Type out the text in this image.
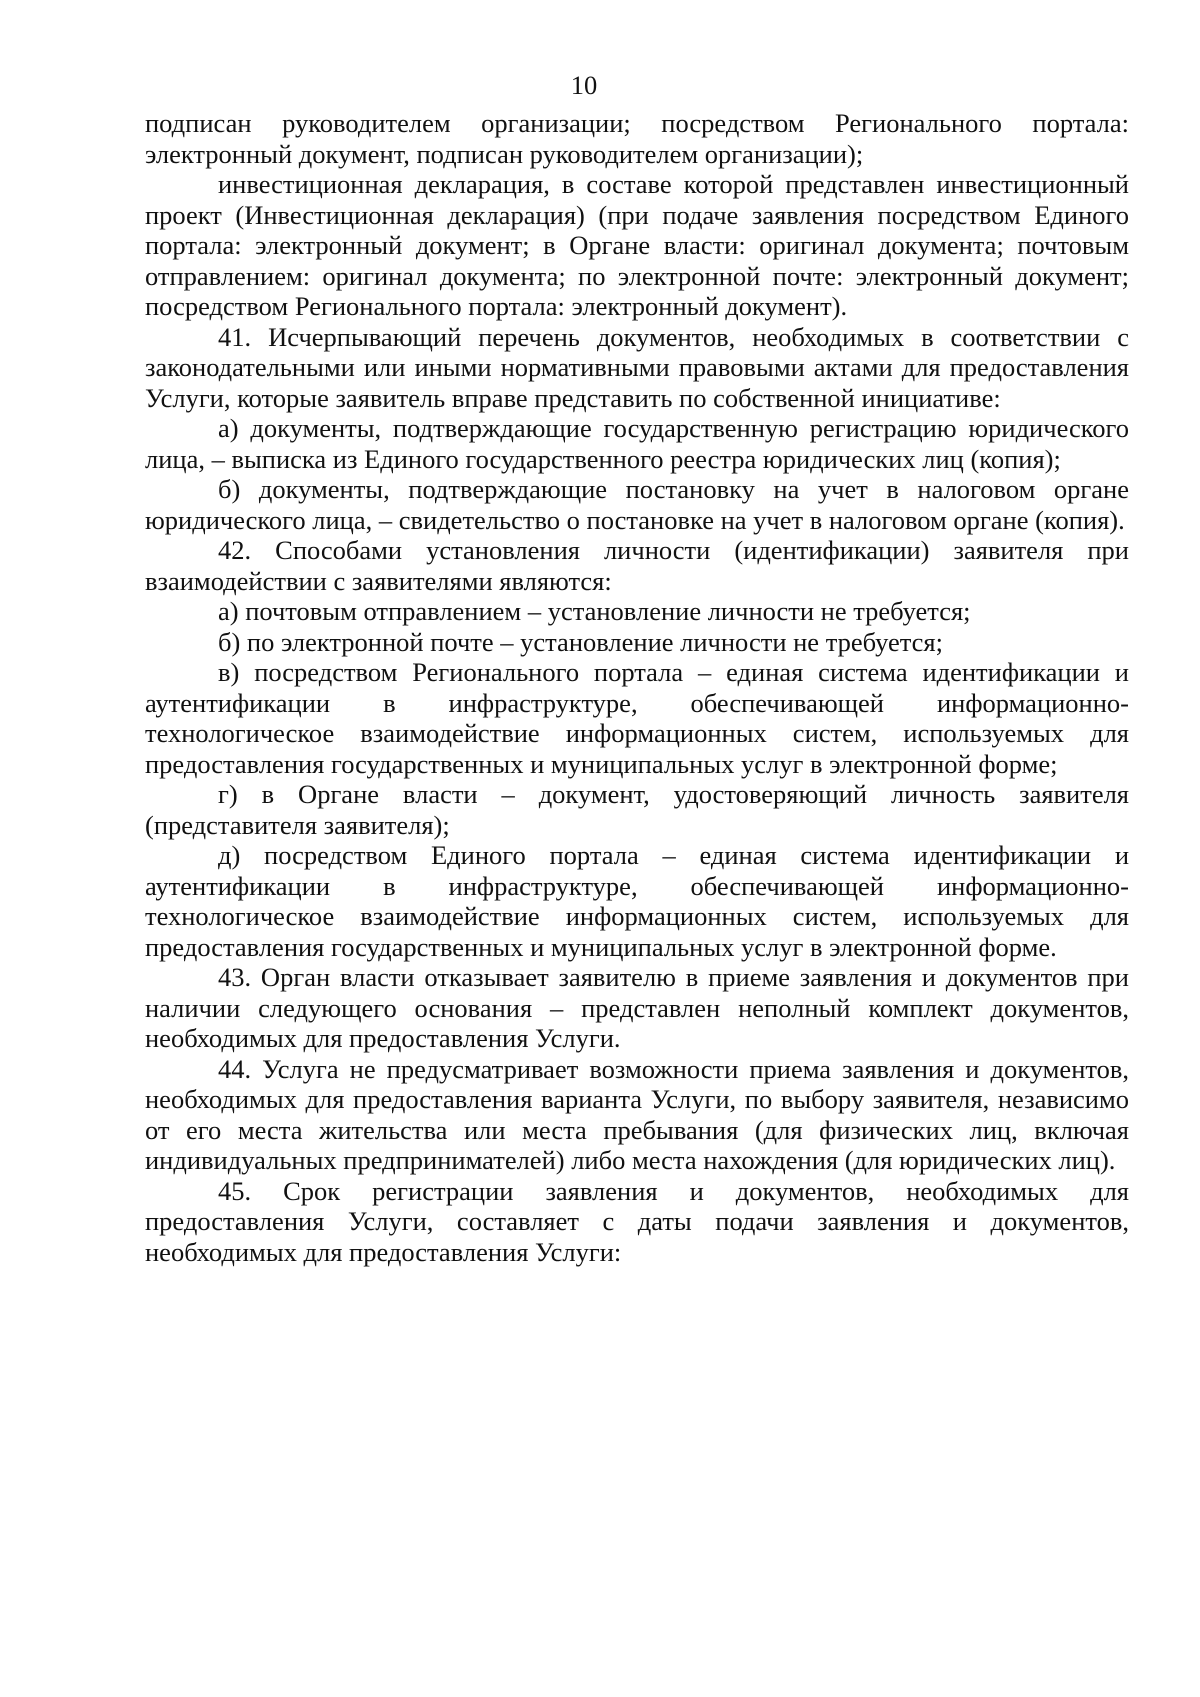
10

подписан руководителем организации; посредством Регионального портала: электронный документ, подписан руководителем организации);

инвестиционная декларация, в составе которой представлен инвестиционный проект (Инвестиционная декларация) (при подаче заявления посредством Единого портала: электронный документ; в Органе власти: оригинал документа; почтовым отправлением: оригинал документа; по электронной почте: электронный документ; посредством Регионального портала: электронный документ).

41. Исчерпывающий перечень документов, необходимых в соответствии с законодательными или иными нормативными правовыми актами для предоставления Услуги, которые заявитель вправе представить по собственной инициативе:

а) документы, подтверждающие государственную регистрацию юридического лица, – выписка из Единого государственного реестра юридических лиц (копия);

б) документы, подтверждающие постановку на учет в налоговом органе юридического лица, – свидетельство о постановке на учет в налоговом органе (копия).

42. Способами установления личности (идентификации) заявителя при взаимодействии с заявителями являются:

а) почтовым отправлением – установление личности не требуется;

б) по электронной почте – установление личности не требуется;

в) посредством Регионального портала – единая система идентификации и аутентификации в инфраструктуре, обеспечивающей информационно-технологическое взаимодействие информационных систем, используемых для предоставления государственных и муниципальных услуг в электронной форме;

г) в Органе власти – документ, удостоверяющий личность заявителя (представителя заявителя);

д) посредством Единого портала – единая система идентификации и аутентификации в инфраструктуре, обеспечивающей информационно-технологическое взаимодействие информационных систем, используемых для предоставления государственных и муниципальных услуг в электронной форме.

43. Орган власти отказывает заявителю в приеме заявления и документов при наличии следующего основания – представлен неполный комплект документов, необходимых для предоставления Услуги.

44. Услуга не предусматривает возможности приема заявления и документов, необходимых для предоставления варианта Услуги, по выбору заявителя, независимо от его места жительства или места пребывания (для физических лиц, включая индивидуальных предпринимателей) либо места нахождения (для юридических лиц).

45. Срок регистрации заявления и документов, необходимых для предоставления Услуги, составляет с даты подачи заявления и документов, необходимых для предоставления Услуги:
